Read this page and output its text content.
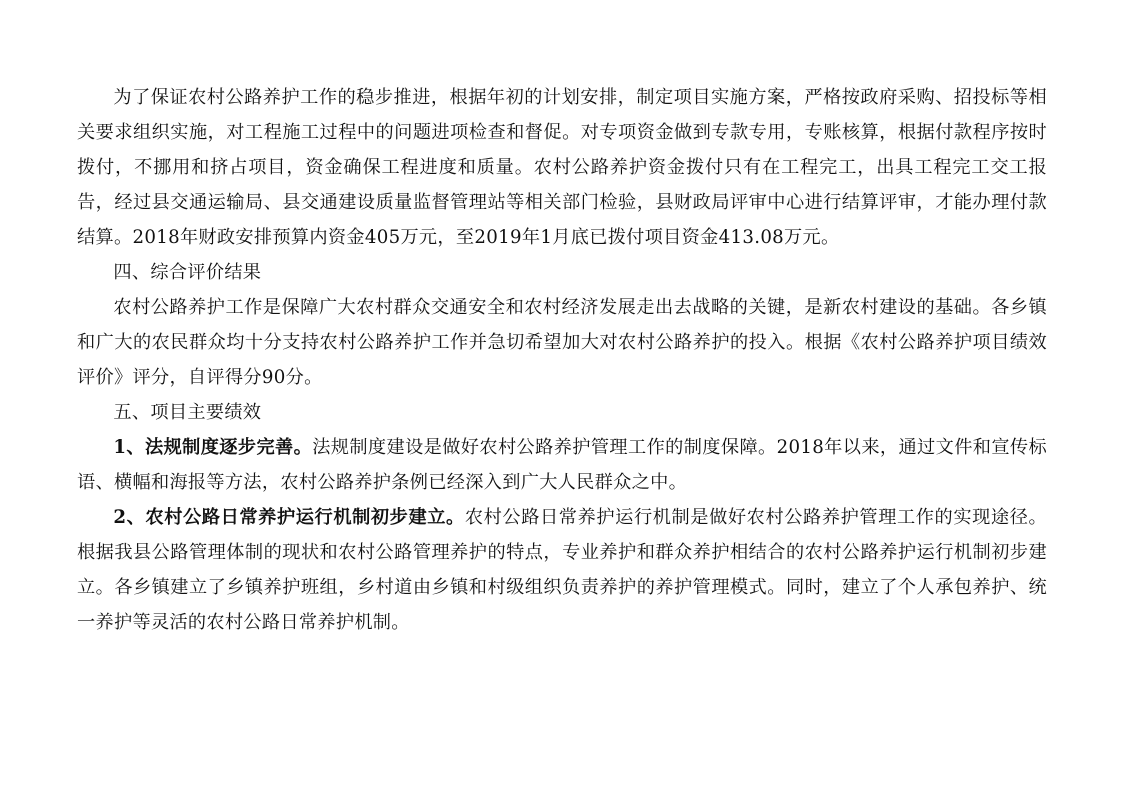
为了保证农村公路养护工作的稳步推进，根据年初的计划安排，制定项目实施方案，严格按政府采购、招投标等相关要求组织实施，对工程施工过程中的问题进项检查和督促。对专项资金做到专款专用，专账核算，根据付款程序按时拨付，不挪用和挤占项目，资金确保工程进度和质量。农村公路养护资金拨付只有在工程完工，出具工程完工交工报告，经过县交通运输局、县交通建设质量监督管理站等相关部门检验，县财政局评审中心进行结算评审，才能办理付款结算。2018年财政安排预算内资金405万元，至2019年1月底已拨付项目资金413.08万元。

四、综合评价结果

农村公路养护工作是保障广大农村群众交通安全和农村经济发展走出去战略的关键，是新农村建设的基础。各乡镇和广大的农民群众均十分支持农村公路养护工作并急切希望加大对农村公路养护的投入。根据《农村公路养护项目绩效评价》评分，自评得分90分。

五、项目主要绩效

1、法规制度逐步完善。法规制度建设是做好农村公路养护管理工作的制度保障。2018年以来，通过文件和宣传标语、横幅和海报等方法，农村公路养护条例已经深入到广大人民群众之中。

2、农村公路日常养护运行机制初步建立。农村公路日常养护运行机制是做好农村公路养护管理工作的实现途径。根据我县公路管理体制的现状和农村公路管理养护的特点，专业养护和群众养护相结合的农村公路养护运行机制初步建立。各乡镇建立了乡镇养护班组，乡村道由乡镇和村级组织负责养护的养护管理模式。同时，建立了个人承包养护、统一养护等灵活的农村公路日常养护机制。
